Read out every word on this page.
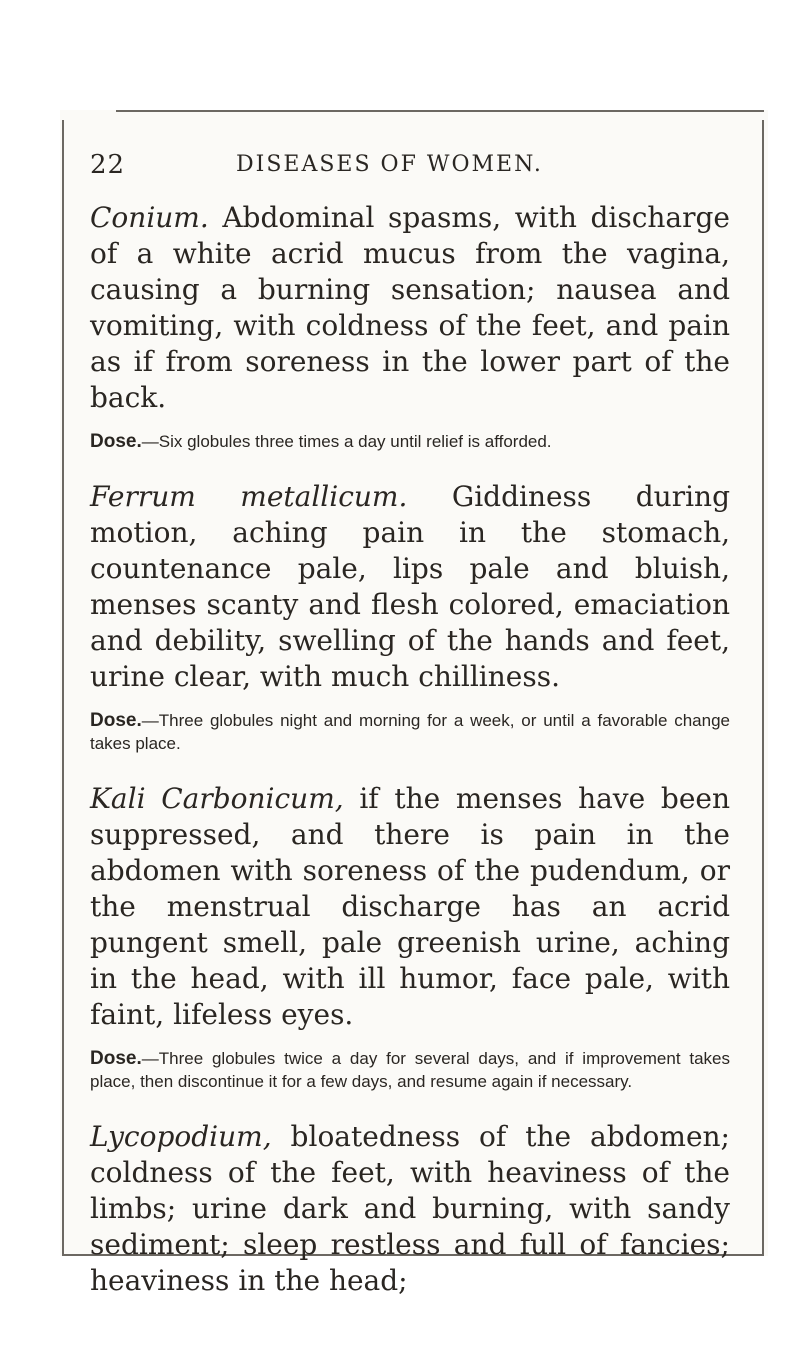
22	DISEASES OF WOMEN.

Conium. Abdominal spasms, with discharge of a white acrid mucus from the vagina, causing a burning sensation; nausea and vomiting, with coldness of the feet, and pain as if from soreness in the lower part of the back.

Dose.—Six globules three times a day until relief is afforded.

Ferrum metallicum. Giddiness during motion, aching pain in the stomach, countenance pale, lips pale and bluish, menses scanty and flesh colored, emaciation and debility, swelling of the hands and feet, urine clear, with much chilliness.

Dose.—Three globules night and morning for a week, or until a favorable change takes place.

Kali Carbonicum, if the menses have been suppressed, and there is pain in the abdomen with soreness of the pudendum, or the menstrual discharge has an acrid pungent smell, pale greenish urine, aching in the head, with ill humor, face pale, with faint, lifeless eyes.

Dose.—Three globules twice a day for several days, and if improvement takes place, then discontinue it for a few days, and resume again if necessary.

Lycopodium, bloatedness of the abdomen; coldness of the feet, with heaviness of the limbs; urine dark and burning, with sandy sediment; sleep restless and full of fancies; heaviness in the head;
